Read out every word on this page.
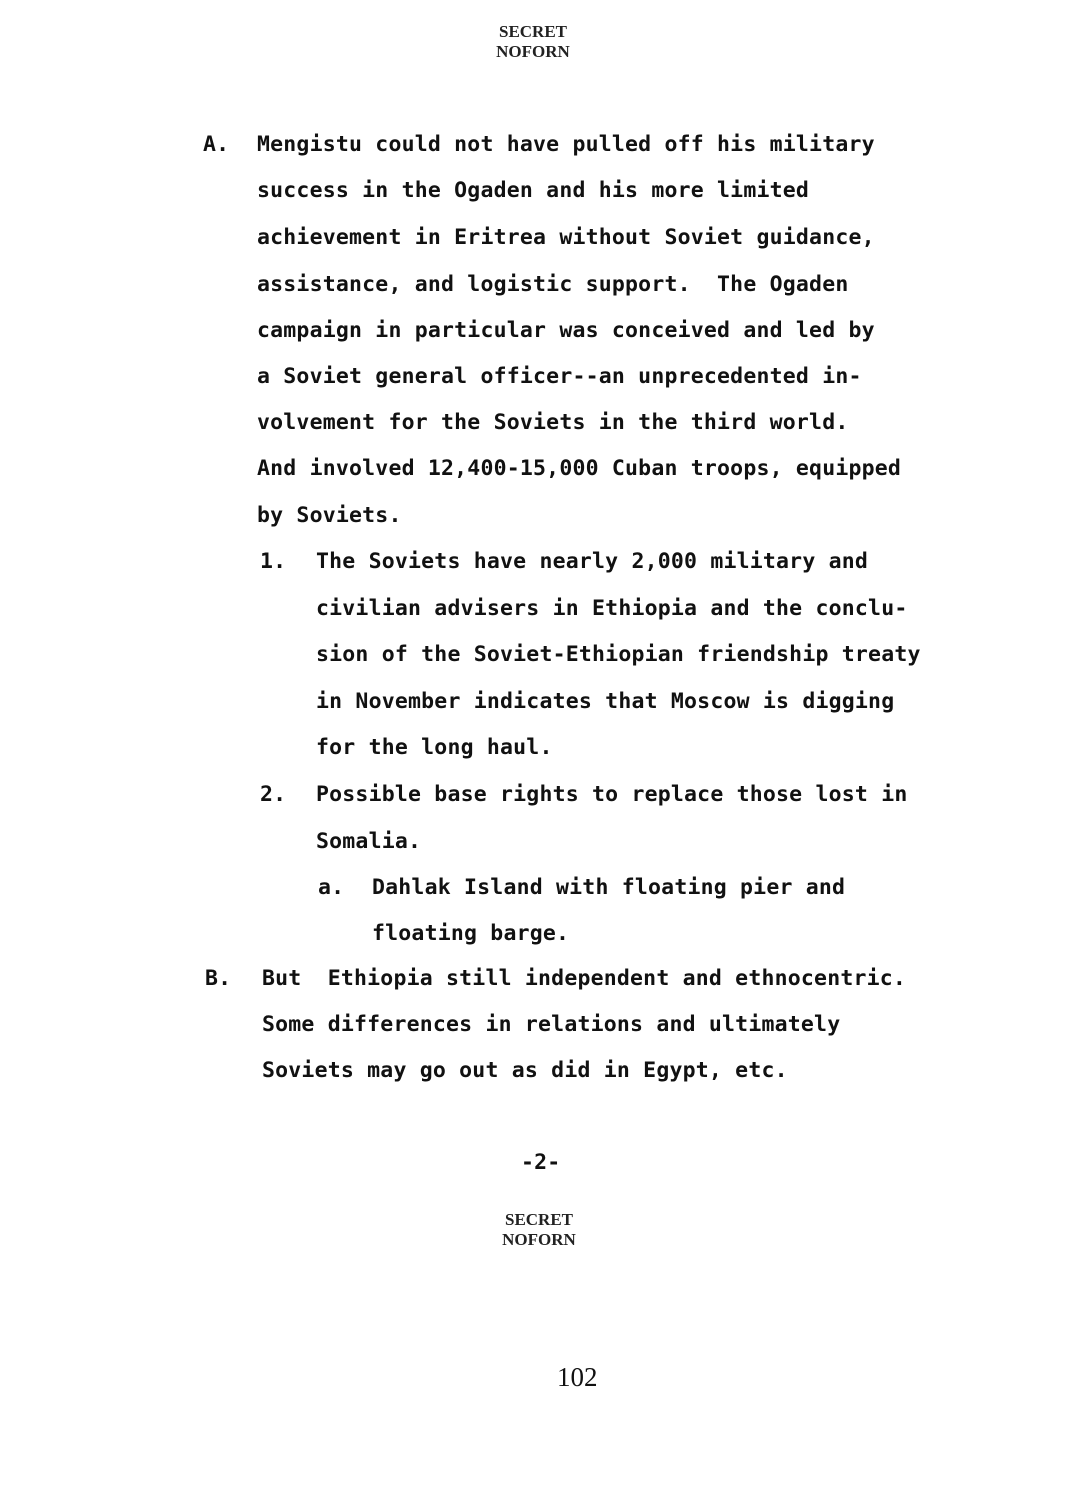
SECRET
NOFORN
A. Mengistu could not have pulled off his military
success in the Ogaden and his more limited
achievement in Eritrea without Soviet guidance,
assistance, and logistic support.  The Ogaden
campaign in particular was conceived and led by
a Soviet general officer--an unprecedented in-
volvement for the Soviets in the third world.
And involved 12,400-15,000 Cuban troops, equipped
by Soviets.
1. The Soviets have nearly 2,000 military and
civilian advisers in Ethiopia and the conclu-
sion of the Soviet-Ethiopian friendship treaty
in November indicates that Moscow is digging
for the long haul.
2. Possible base rights to replace those lost in
Somalia.
a. Dahlak Island with floating pier and
floating barge.
B. But  Ethiopia still independent and ethnocentric.
Some differences in relations and ultimately
Soviets may go out as did in Egypt, etc.
-2-
SECRET
NOFORN
102
